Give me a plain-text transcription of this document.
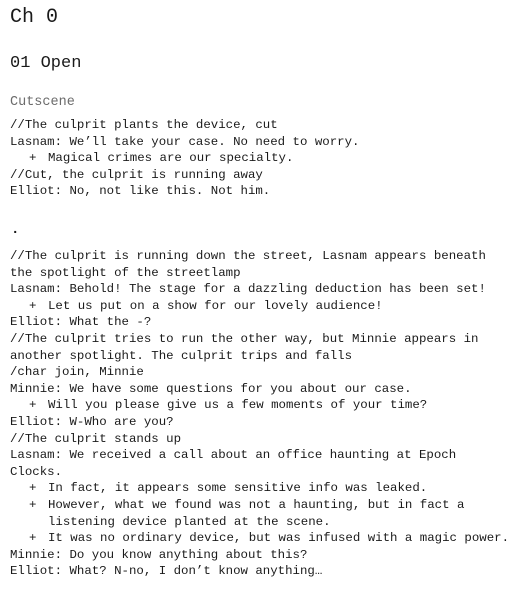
Ch 0
01 Open
Cutscene
//The culprit plants the device, cut
Lasnam: We’ll take your case. No need to worry.
+ Magical crimes are our specialty.
//Cut, the culprit is running away
Elliot: No, not like this. Not him.
.
//The culprit is running down the street, Lasnam appears beneath the spotlight of the streetlamp
Lasnam: Behold! The stage for a dazzling deduction has been set!
+ Let us put on a show for our lovely audience!
Elliot: What the -?
//The culprit tries to run the other way, but Minnie appears in another spotlight. The culprit trips and falls
/char join, Minnie
Minnie: We have some questions for you about our case.
+ Will you please give us a few moments of your time?
Elliot: W-Who are you?
//The culprit stands up
Lasnam: We received a call about an office haunting at Epoch Clocks.
+ In fact, it appears some sensitive info was leaked.
+ However, what we found was not a haunting, but in fact a listening device planted at the scene.
+ It was no ordinary device, but was infused with a magic power.
Minnie: Do you know anything about this?
Elliot: What? N-no, I don’t know anything…
